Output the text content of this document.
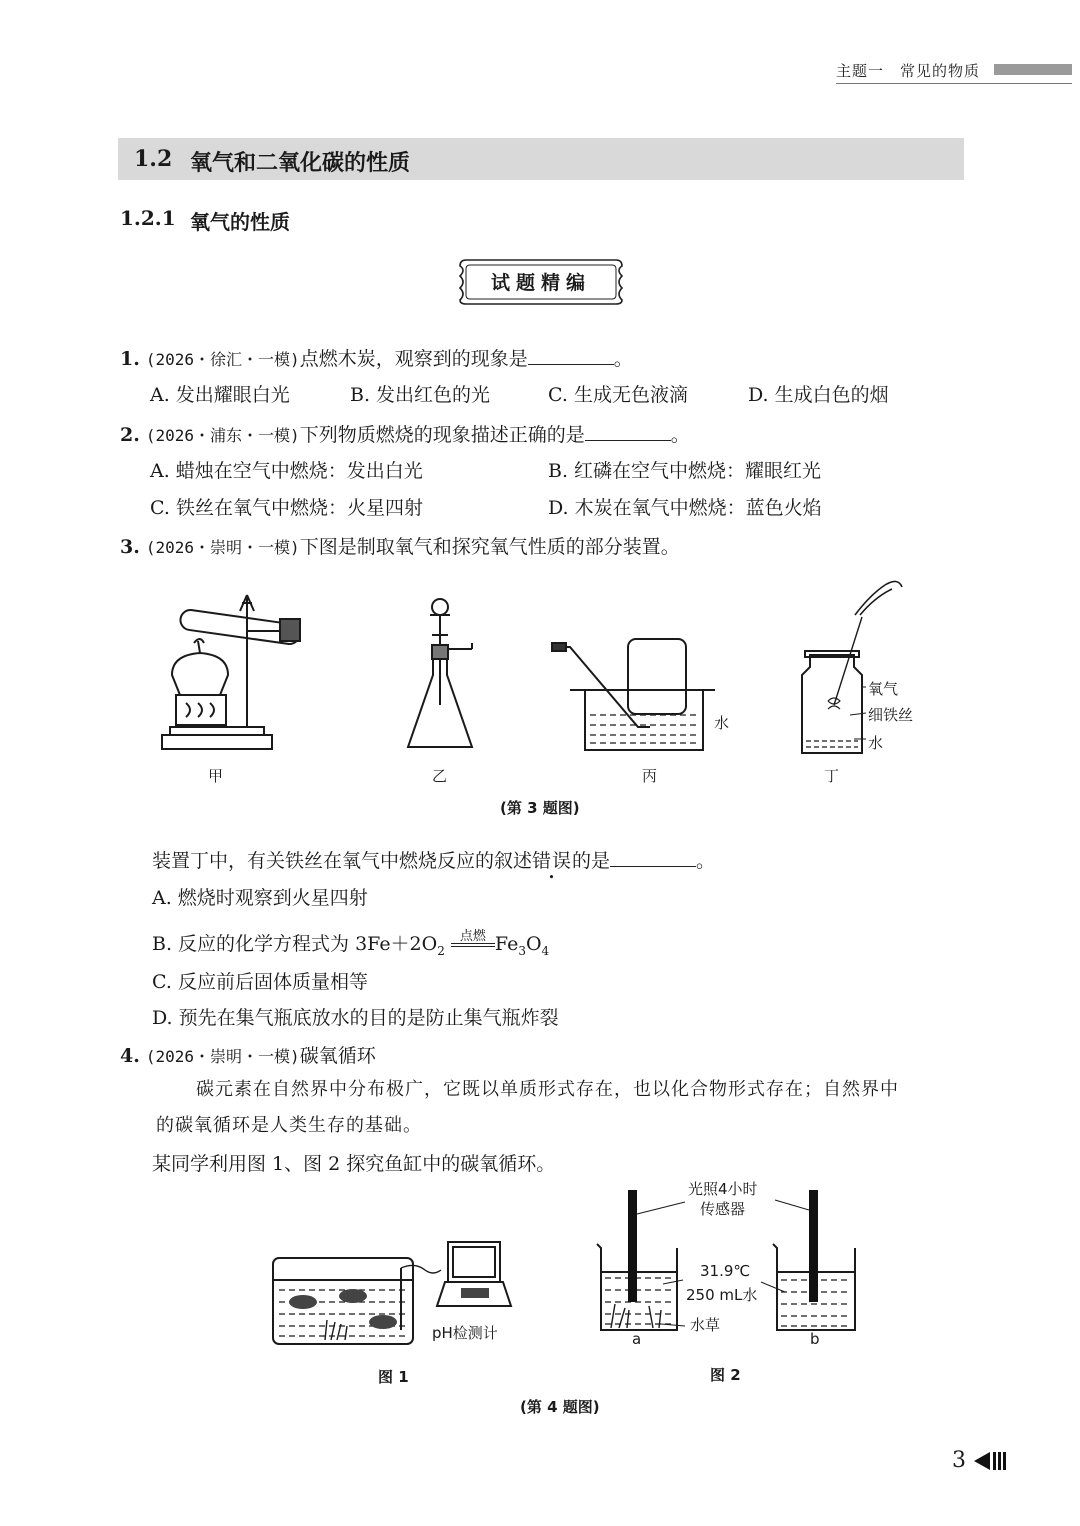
主题一　常见的物质
1.2 氧气和二氧化碳的性质
1.2.1 氧气的性质
试题精编
1. (2026・徐汇・一模)点燃木炭，观察到的现象是	。
A. 发出耀眼白光	B. 发出红色的光	C. 生成无色液滴	D. 生成白色的烟
2. (2026・浦东・一模)下列物质燃烧的现象描述正确的是	。
A. 蜡烛在空气中燃烧：发出白光	B. 红磷在空气中燃烧：耀眼红光
C. 铁丝在氧气中燃烧：火星四射	D. 木炭在氧气中燃烧：蓝色火焰
3. (2026・崇明・一模)下图是制取氧气和探究氧气性质的部分装置。
甲	乙	丙	丁
水
氧气
细铁丝
水
(第 3 题图)
装置丁中，有关铁丝在氧气中燃烧反应的叙述错误的是	。
A. 燃烧时观察到火星四射
B. 反应的化学方程式为 $3Fe+2O_2$ 点燃 $Fe_3O_4$
C. 反应前后固体质量相等
D. 预先在集气瓶底放水的目的是防止集气瓶炸裂
4. (2026・崇明・一模)碳氧循环
碳元素在自然界中分布极广，它既以单质形式存在，也以化合物形式存在；自然界中
的碳氧循环是人类生存的基础。
某同学利用图 1、图 2 探究鱼缸中的碳氧循环。
pH检测计
光照4小时
传感器
31.9℃
250 mL水
水草
a	b
图 1	图 2
(第 4 题图)
3
